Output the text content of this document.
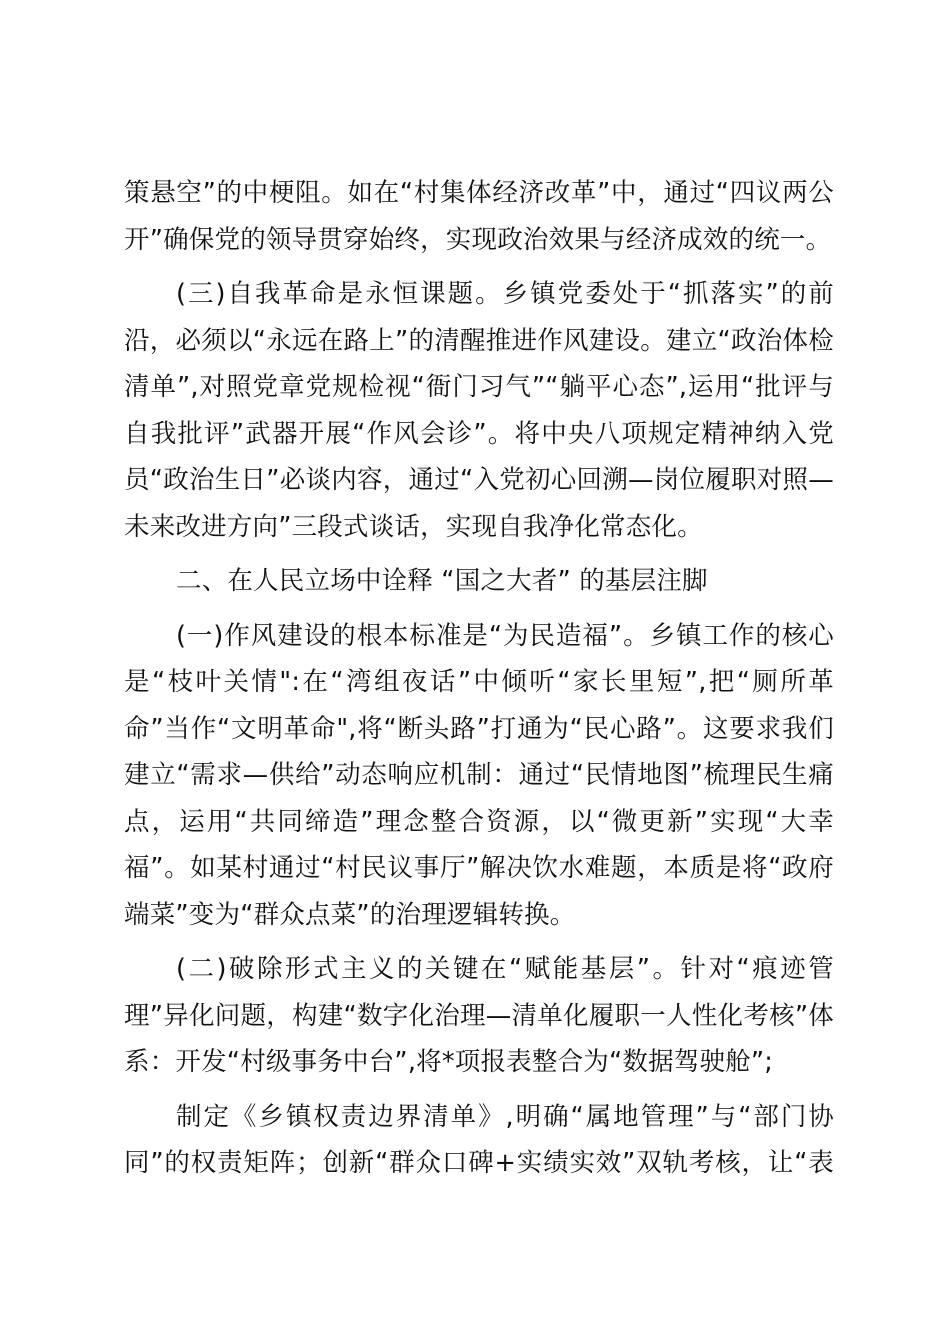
策悬空”的中梗阻。如在“村集体经济改革”中，通过“四议两公
开”确保党的领导贯穿始终，实现政治效果与经济成效的统一。
(三)自我革命是永恒课题。乡镇党委处于“抓落实”的前
沿，必须以“永远在路上”的清醒推进作风建设。建立“政治体检
清单”,对照党章党规检视“衙门习气”“躺平心态”,运用“批评与
自我批评”武器开展“作风会诊”。将中央八项规定精神纳入党
员“政治生日”必谈内容，通过“入党初心回溯—岗位履职对照—
未来改进方向”三段式谈话，实现自我净化常态化。
二、在人民立场中诠释 “国之大者” 的基层注脚
(一)作风建设的根本标准是“为民造福”。乡镇工作的核心
是“枝叶关情":在“湾组夜话”中倾听“家长里短”,把“厕所革
命”当作“文明革命",将“断头路”打通为“民心路”。这要求我们
建立“需求—供给”动态响应机制：通过“民情地图”梳理民生痛
点，运用“共同缔造”理念整合资源，以“微更新”实现“大幸
福”。如某村通过“村民议事厅”解决饮水难题，本质是将“政府
端菜”变为“群众点菜”的治理逻辑转换。
(二)破除形式主义的关键在“赋能基层”。针对“痕迹管
理”异化问题，构建“数字化治理—清单化履职一人性化考核”体
系：开发“村级事务中台”,将*项报表整合为“数据驾驶舱”;
制定《乡镇权责边界清单》,明确“属地管理”与“部门协
同”的权责矩阵；创新“群众口碑+实绩实效”双轨考核，让“表
